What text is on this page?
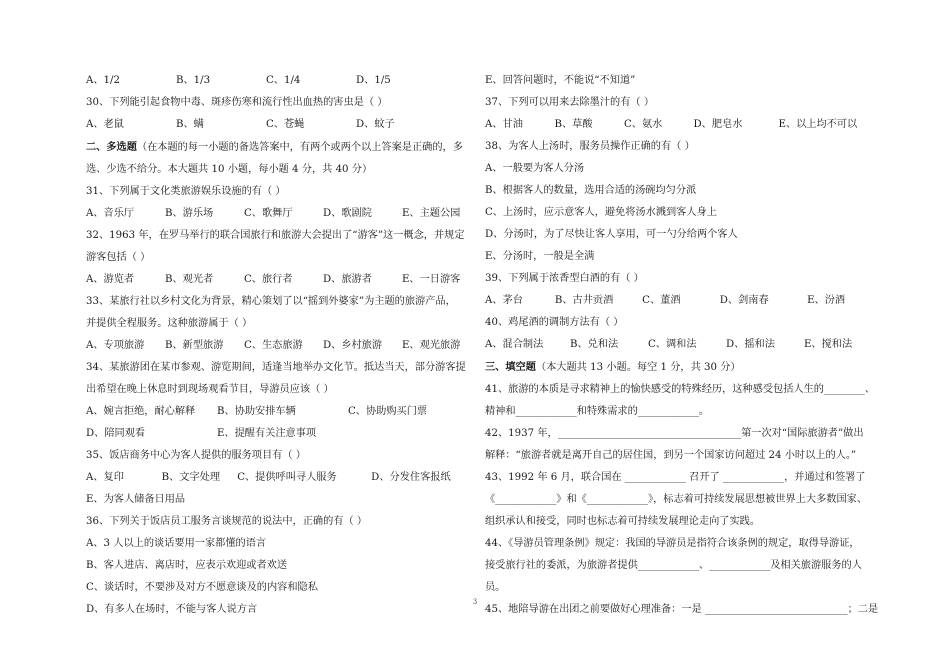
A、1/2	B、1/3	C、1/4	D、1/5
30、下列能引起食物中毒、斑疹伤寒和流行性出血热的害虫是（ ）
A、老鼠	B、螨	C、苍蝇	D、蚊子
二、多选题（在本题的每一小题的备选答案中，有两个或两个以上答案是正确的，多
选、少选不给分。本大题共 10 小题，每小题 4 分，共 40 分）
31、下列属于文化类旅游娱乐设施的有（ ）
A、音乐厅	B、游乐场	C、歌舞厅	D、歌剧院	E、主题公园
32、1963 年，在罗马举行的联合国旅行和旅游大会提出了“游客”这一概念，并规定
游客包括（ ）
A、游览者	B、观光者	C、旅行者	D、旅游者	E、一日游客
33、某旅行社以乡村文化为背景，精心策划了以“摇到外婆家”为主题的旅游产品，
并提供全程服务。这种旅游属于（ ）
A、专项旅游	B、新型旅游	C、生态旅游	D、乡村旅游	E、观光旅游
34、某旅游团在某市参观、游览期间，适逢当地举办文化节。抵达当天，部分游客提
出希望在晚上休息时到现场观看节目，导游员应该（ ）
A、婉言拒绝，耐心解释	B、协助安排车辆	C、协助购买门票
D、陪同观看	E、提醒有关注意事项
35、饭店商务中心为客人提供的服务项目有（ ）
A、复印	B、文字处理	C、提供呼叫寻人服务	D、分发住客报纸
E、为客人储备日用品
36、下列关于饭店员工服务言谈规范的说法中，正确的有（ ）
A、3 人以上的谈话要用一家都懂的语言
B、客人进店、离店时，应表示欢迎或者欢送
C、谈话时，不要涉及对方不愿意谈及的内容和隐私
D、有多人在场时，不能与客人说方言
E、回答问题时，不能说“不知道”
37、下列可以用来去除墨汁的有（ ）
A、甘油	B、草酸	C、氨水	D、肥皂水	E、以上均不可以
38、为客人上汤时，服务员操作正确的有（ ）
A、一般要为客人分汤
B、根据客人的数量，选用合适的汤碗均匀分派
C、上汤时，应示意客人，避免将汤水溅到客人身上
D、分汤时，为了尽快让客人享用，可一勺分给两个客人
E、分汤时，一般是全满
39、下列属于浓香型白酒的有（ ）
A、茅台	B、古井贡酒	C、董酒	D、剑南春	E、汾酒
40、鸡尾酒的调制方法有（ ）
A、混合制法	B、兑和法	C、调和法	D、摇和法	E、搅和法
三、填空题（本大题共 13 小题。每空 1 分，共 30 分）
41、旅游的本质是寻求精神上的愉快感受的特殊经历，这种感受包括人生的________、
精神和____________和特殊需求的____________。
42、1937 年，____________________________________第一次对“国际旅游者”做出
解释：“旅游者就是离开自己的居住国，到另一个国家访问超过 24 小时以上的人。”
43、1992 年 6 月，联合国在 ____________ 召开了 ____________，并通过和签署了
《____________》和《____________》，标志着可持续发展思想被世界上大多数国家、
组织承认和接受，同时也标志着可持续发展理论走向了实践。
44、《导游员管理条例》规定：我国的导游员是指符合该条例的规定，取得导游证，
接受旅行社的委派，为旅游者提供____________、____________及相关旅游服务的人
员。
45、地陪导游在出团之前要做好心理准备：一是 ____________________________；二是
3
